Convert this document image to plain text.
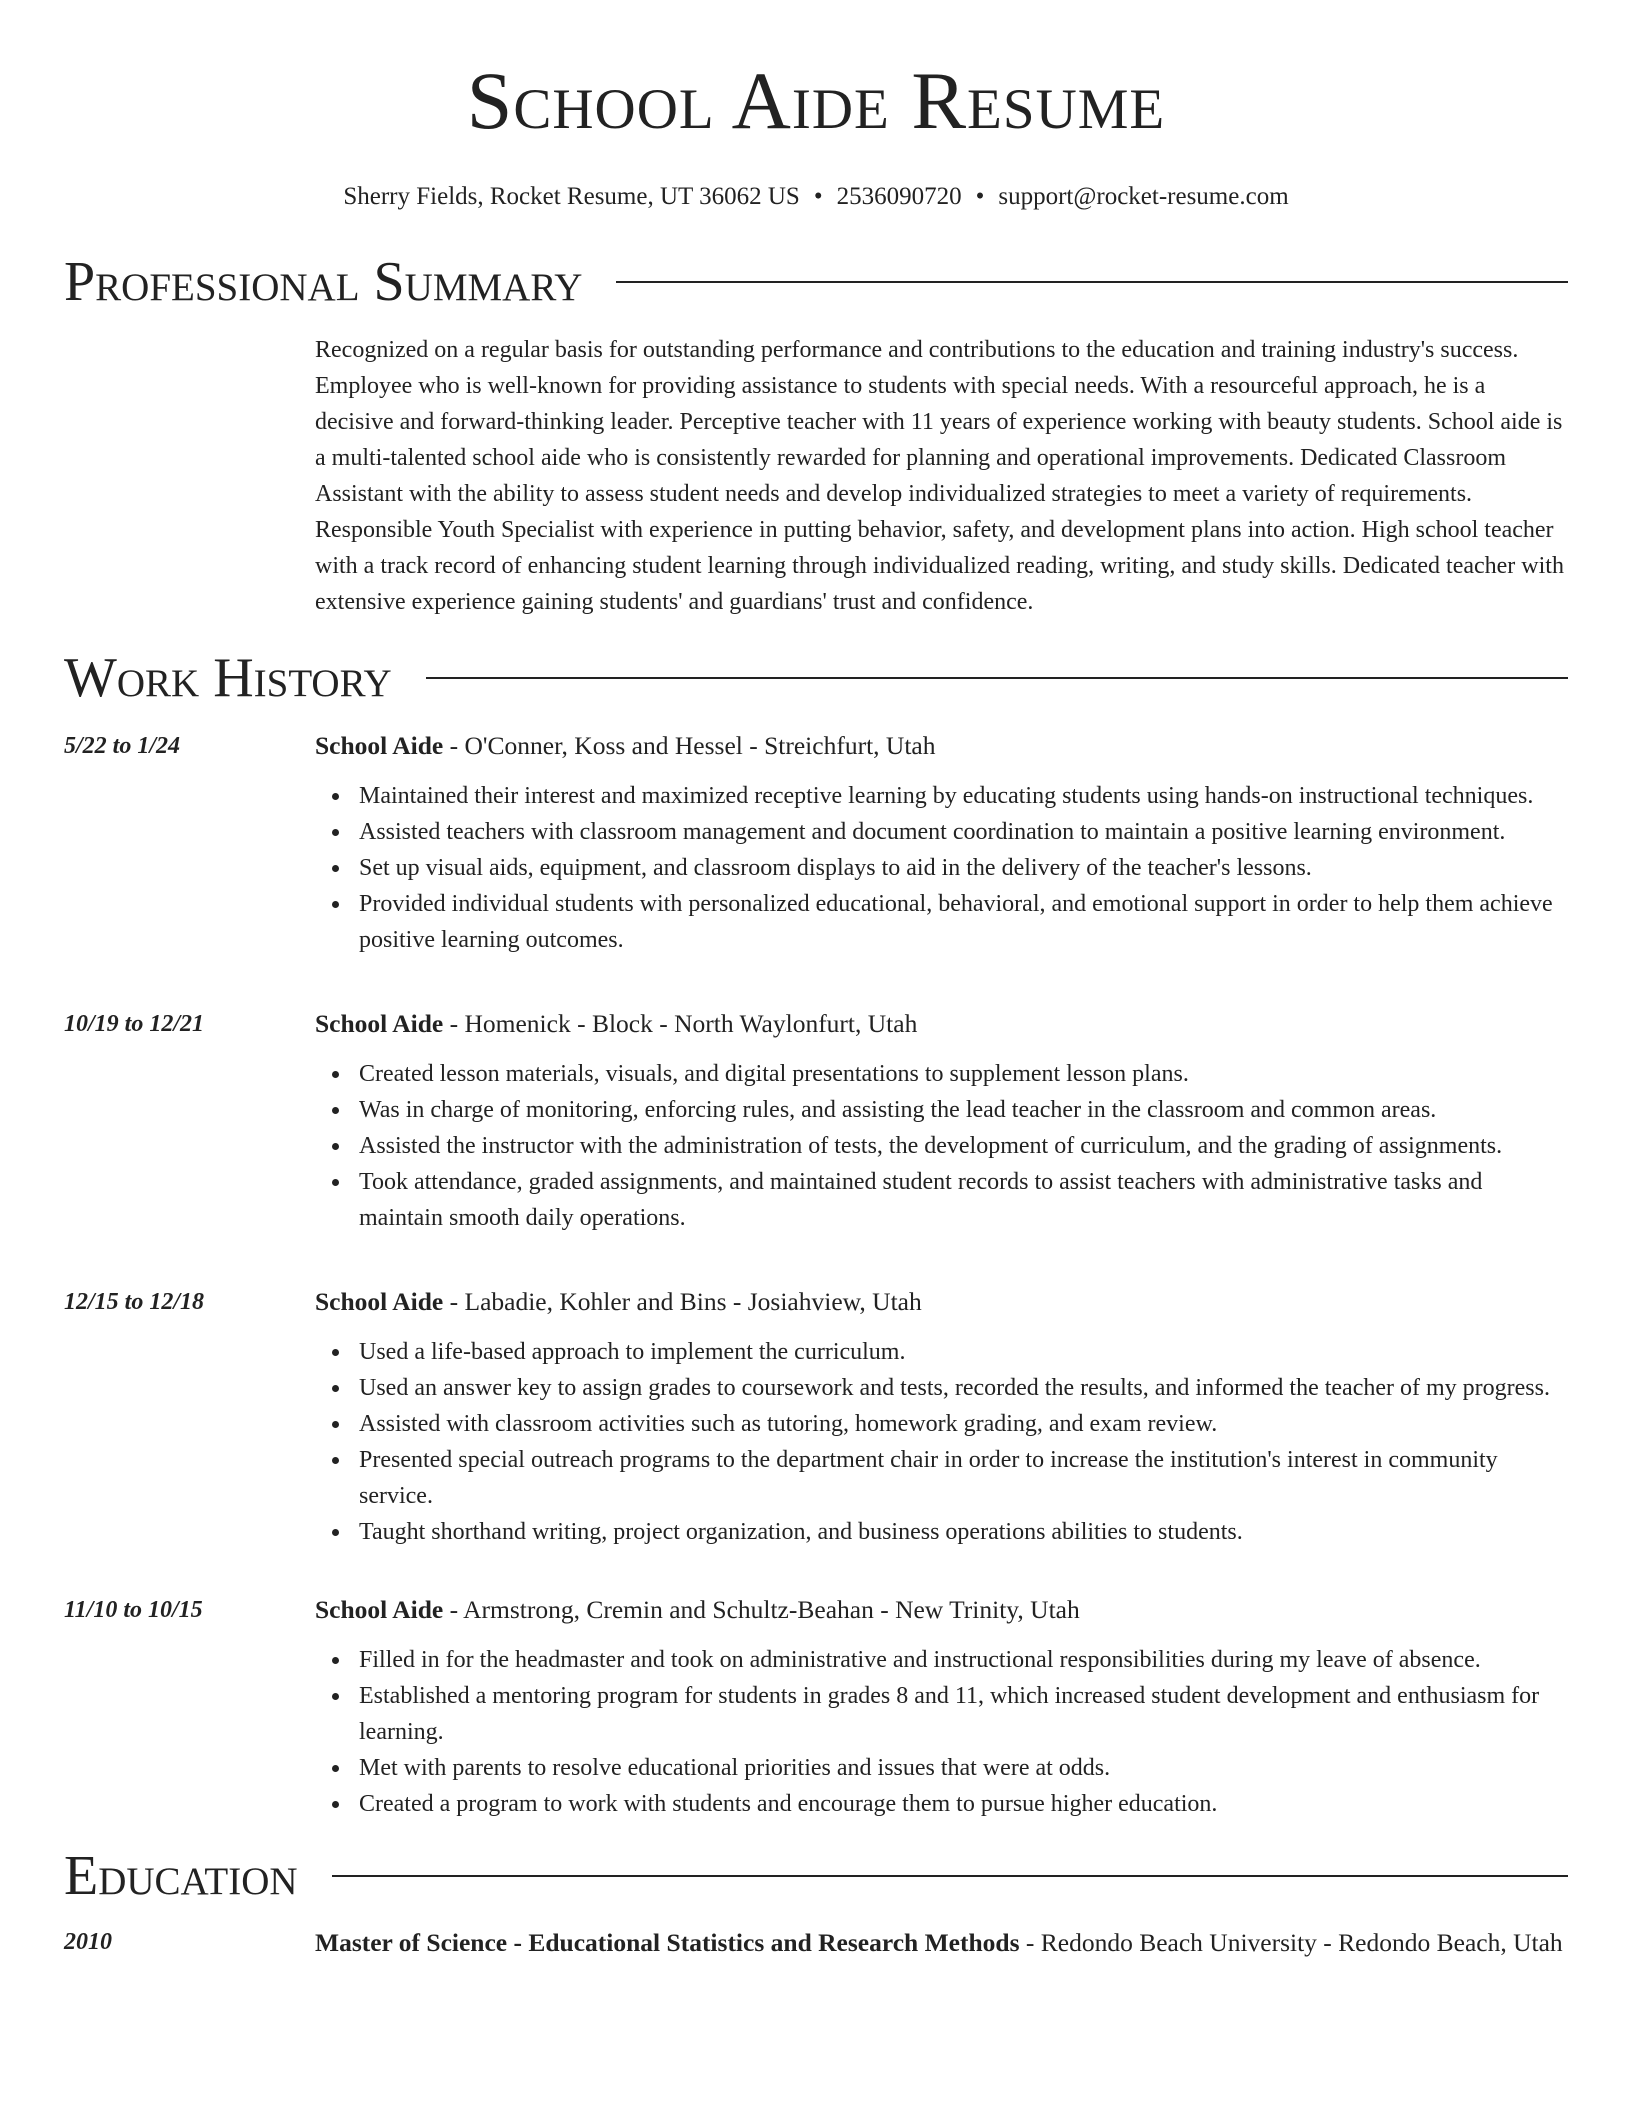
School Aide Resume
Sherry Fields, Rocket Resume, UT 36062 US • 2536090720 • support@rocket-resume.com
Professional Summary
Recognized on a regular basis for outstanding performance and contributions to the education and training industry's success. Employee who is well-known for providing assistance to students with special needs. With a resourceful approach, he is a decisive and forward-thinking leader. Perceptive teacher with 11 years of experience working with beauty students. School aide is a multi-talented school aide who is consistently rewarded for planning and operational improvements. Dedicated Classroom Assistant with the ability to assess student needs and develop individualized strategies to meet a variety of requirements. Responsible Youth Specialist with experience in putting behavior, safety, and development plans into action. High school teacher with a track record of enhancing student learning through individualized reading, writing, and study skills. Dedicated teacher with extensive experience gaining students' and guardians' trust and confidence.
Work History
5/22 to 1/24	School Aide - O'Conner, Koss and Hessel - Streichfurt, Utah
Maintained their interest and maximized receptive learning by educating students using hands-on instructional techniques.
Assisted teachers with classroom management and document coordination to maintain a positive learning environment.
Set up visual aids, equipment, and classroom displays to aid in the delivery of the teacher's lessons.
Provided individual students with personalized educational, behavioral, and emotional support in order to help them achieve positive learning outcomes.
10/19 to 12/21	School Aide - Homenick - Block - North Waylonfurt, Utah
Created lesson materials, visuals, and digital presentations to supplement lesson plans.
Was in charge of monitoring, enforcing rules, and assisting the lead teacher in the classroom and common areas.
Assisted the instructor with the administration of tests, the development of curriculum, and the grading of assignments.
Took attendance, graded assignments, and maintained student records to assist teachers with administrative tasks and maintain smooth daily operations.
12/15 to 12/18	School Aide - Labadie, Kohler and Bins - Josiahview, Utah
Used a life-based approach to implement the curriculum.
Used an answer key to assign grades to coursework and tests, recorded the results, and informed the teacher of my progress.
Assisted with classroom activities such as tutoring, homework grading, and exam review.
Presented special outreach programs to the department chair in order to increase the institution's interest in community service.
Taught shorthand writing, project organization, and business operations abilities to students.
11/10 to 10/15	School Aide - Armstrong, Cremin and Schultz-Beahan - New Trinity, Utah
Filled in for the headmaster and took on administrative and instructional responsibilities during my leave of absence.
Established a mentoring program for students in grades 8 and 11, which increased student development and enthusiasm for learning.
Met with parents to resolve educational priorities and issues that were at odds.
Created a program to work with students and encourage them to pursue higher education.
Education
2010	Master of Science - Educational Statistics and Research Methods - Redondo Beach University - Redondo Beach, Utah
